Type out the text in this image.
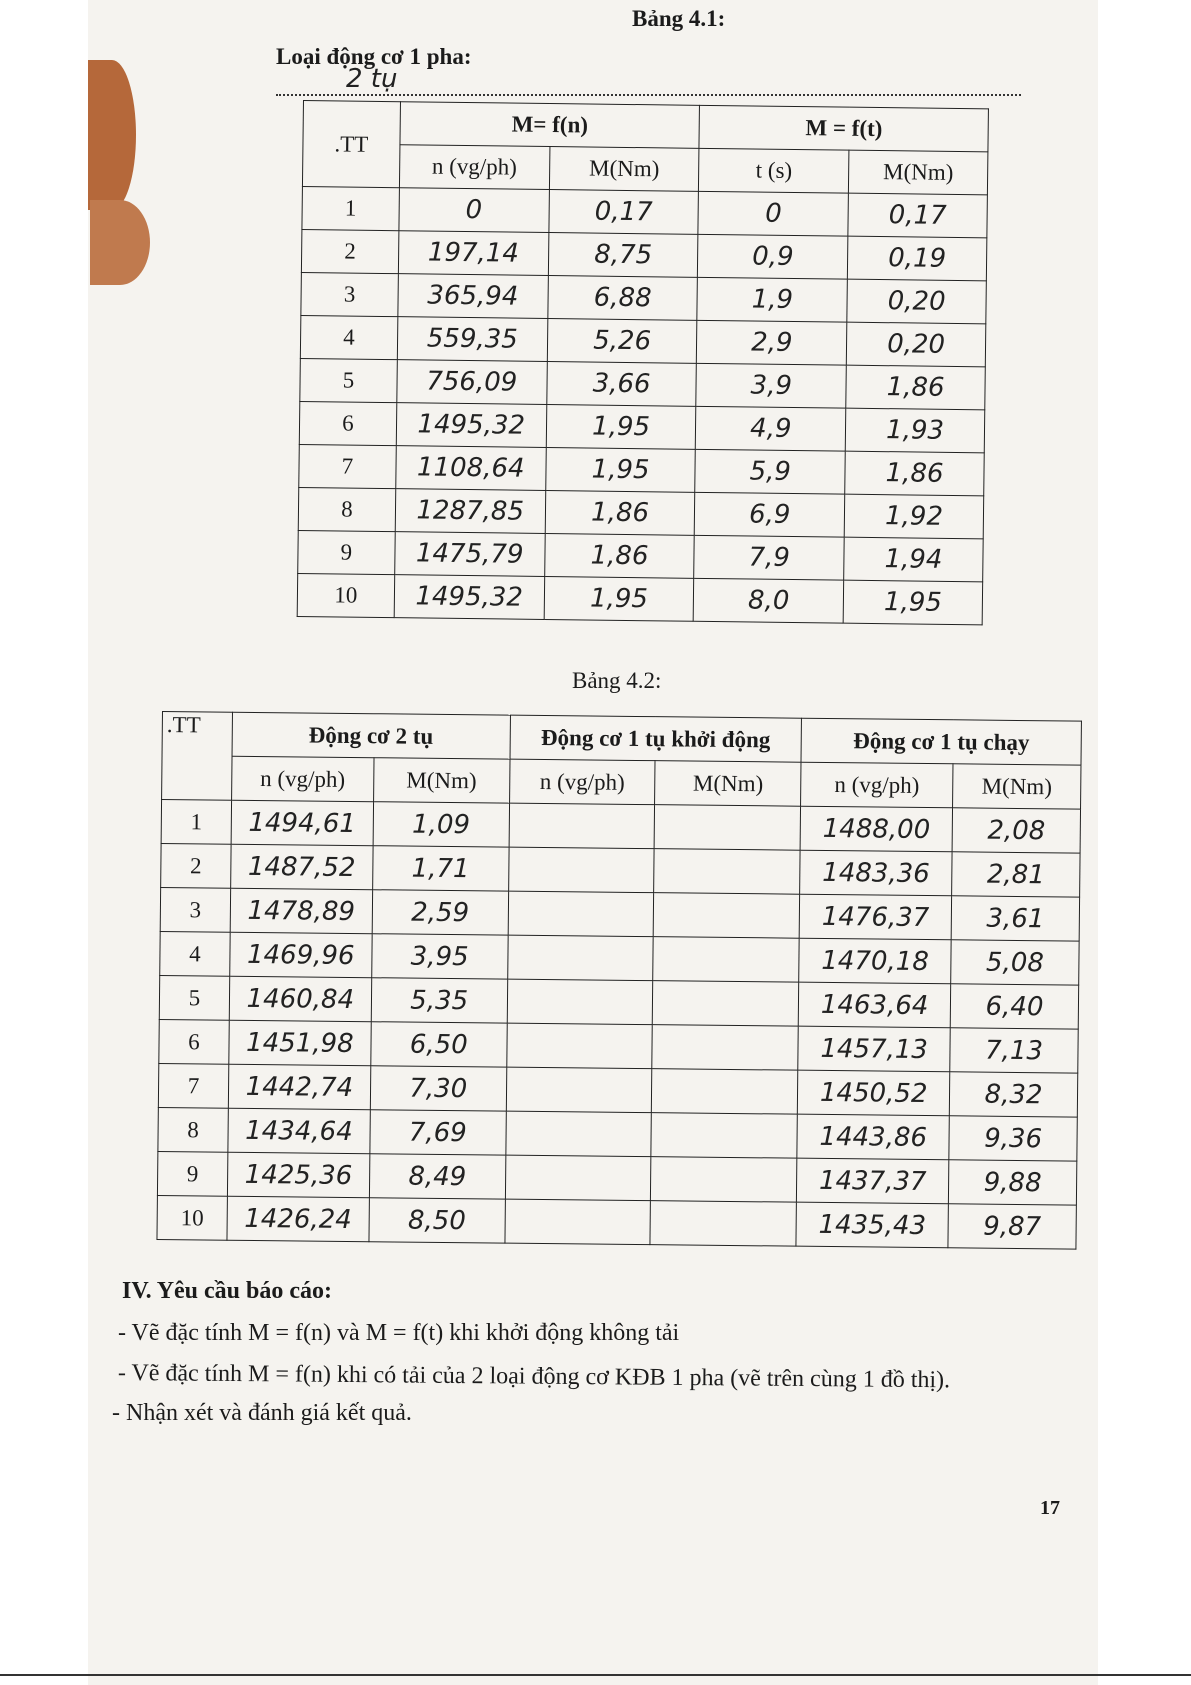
Bảng 4.1:
Loại động cơ 1 pha:
2 tụ
.TT	M= f(n)		M = f(t)	
	n (vg/ph)	M(Nm)	t (s)	M(Nm)
1	0	0,17	0	0,17
2	197,14	8,75	0,9	0,19
3	365,94	6,88	1,9	0,20
4	559,35	5,26	2,9	0,20
5	756,09	3,66	3,9	1,86
6	1495,32	1,95	4,9	1,93
7	1108,64	1,95	5,9	1,86
8	1287,85	1,86	6,9	1,92
9	1475,79	1,86	7,9	1,94
10	1495,32	1,95	8,0	1,95
Bảng 4.2:
.TT	Động cơ 2 tụ		Động cơ 1 tụ khởi động		Động cơ 1 tụ chạy	
	n (vg/ph)	M(Nm)	n (vg/ph)	M(Nm)	n (vg/ph)	M(Nm)
1	1494,61	1,09			1488,00	2,08
2	1487,52	1,71			1483,36	2,81
3	1478,89	2,59			1476,37	3,61
4	1469,96	3,95			1470,18	5,08
5	1460,84	5,35			1463,64	6,40
6	1451,98	6,50			1457,13	7,13
7	1442,74	7,30			1450,52	8,32
8	1434,64	7,69			1443,86	9,36
9	1425,36	8,49			1437,37	9,88
10	1426,24	8,50			1435,43	9,87
IV. Yêu cầu báo cáo:
- Vẽ đặc tính M = f(n) và M = f(t) khi khởi động không tải
- Vẽ đặc tính M = f(n) khi có tải của 2 loại động cơ KĐB 1 pha (vẽ trên cùng 1 đồ thị).
- Nhận xét và đánh giá kết quả.
17
